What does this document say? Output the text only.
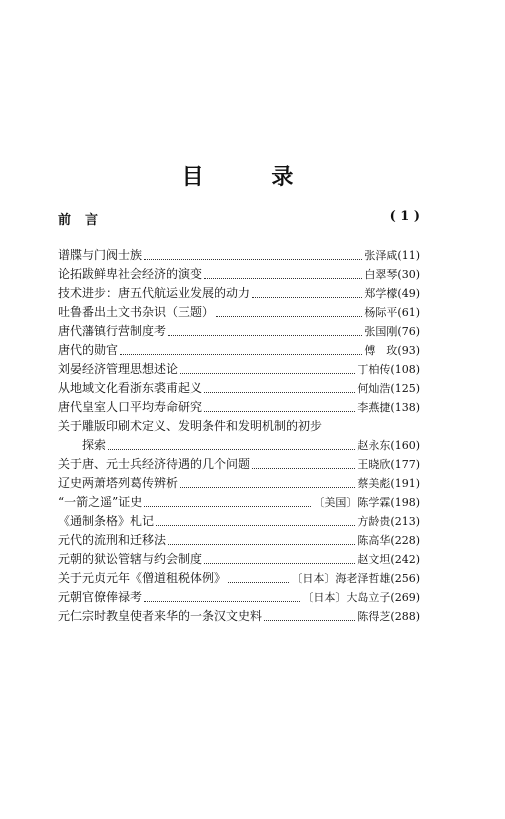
目 录
前言	( 1 )
谱牒与门阀士族	张泽咸 (11)
论拓跋鲜卑社会经济的演变	白翠琴 (30)
技术进步：唐五代航运业发展的动力	郑学檬 (49)
吐鲁番出土文书杂识（三题）	杨际平 (61)
唐代藩镇行营制度考	张国刚 (76)
唐代的勋官	傅　玫 (93)
刘晏经济管理思想述论	丁柏传 (108)
从地域文化看浙东裘甫起义	何灿浩 (125)
唐代皇室人口平均寿命研究	李燕捷 (138)
关于雕版印刷术定义、发明条件和发明机制的初步
探索	赵永东 (160)
关于唐、元士兵经济待遇的几个问题	王晓欣 (177)
辽史两萧塔列葛传辨析	蔡美彪 (191)
“一箭之遥”证史	〔美国〕陈学霖 (198)
《通制条格》札记	方龄贵 (213)
元代的流刑和迁移法	陈高华 (228)
元朝的狱讼管辖与约会制度	赵文坦 (242)
关于元贞元年《僧道租税体例》	〔日本〕海老泽哲雄 (256)
元朝官僚俸禄考	〔日本〕大岛立子 (269)
元仁宗时教皇使者来华的一条汉文史料	陈得芝 (288)
